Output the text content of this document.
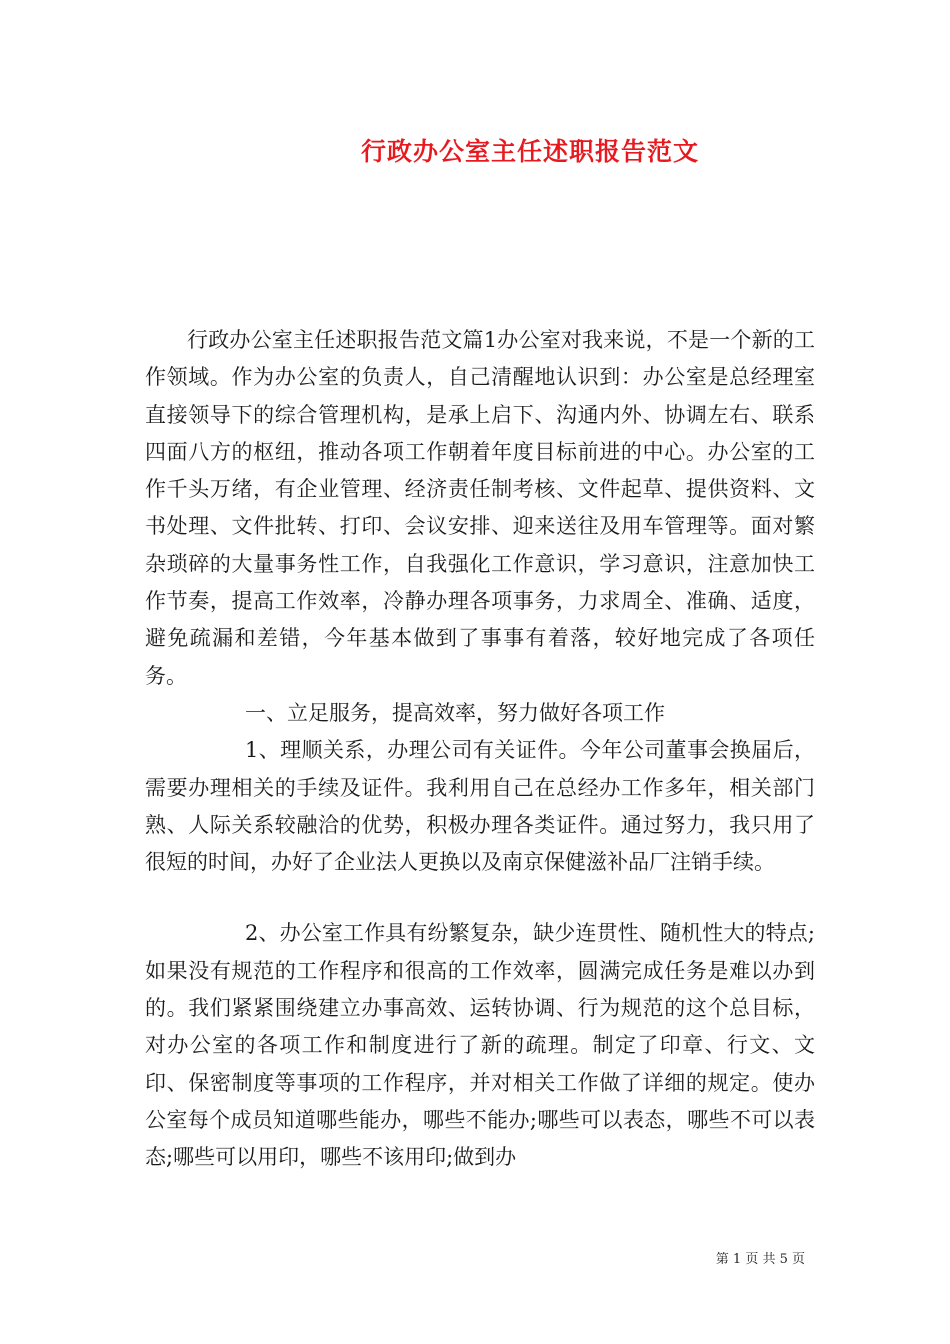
行政办公室主任述职报告范文

行政办公室主任述职报告范文篇1办公室对我来说，不是一个新的工作领域。作为办公室的负责人，自己清醒地认识到：办公室是总经理室直接领导下的综合管理机构，是承上启下、沟通内外、协调左右、联系四面八方的枢纽，推动各项工作朝着年度目标前进的中心。办公室的工作千头万绪，有企业管理、经济责任制考核、文件起草、提供资料、文书处理、文件批转、打印、会议安排、迎来送往及用车管理等。面对繁杂琐碎的大量事务性工作，自我强化工作意识，学习意识，注意加快工作节奏，提高工作效率，冷静办理各项事务，力求周全、准确、适度，避免疏漏和差错，今年基本做到了事事有着落，较好地完成了各项任务。

一、立足服务，提高效率，努力做好各项工作

1、理顺关系，办理公司有关证件。今年公司董事会换届后，需要办理相关的手续及证件。我利用自己在总经办工作多年，相关部门熟、人际关系较融洽的优势，积极办理各类证件。通过努力，我只用了很短的时间，办好了企业法人更换以及南京保健滋补品厂注销手续。

2、办公室工作具有纷繁复杂，缺少连贯性、随机性大的特点;如果没有规范的工作程序和很高的工作效率，圆满完成任务是难以办到的。我们紧紧围绕建立办事高效、运转协调、行为规范的这个总目标，对办公室的各项工作和制度进行了新的疏理。制定了印章、行文、文印、保密制度等事项的工作程序，并对相关工作做了详细的规定。使办公室每个成员知道哪些能办，哪些不能办;哪些可以表态，哪些不可以表态;哪些可以用印，哪些不该用印;做到办

第 1 页 共 5 页
